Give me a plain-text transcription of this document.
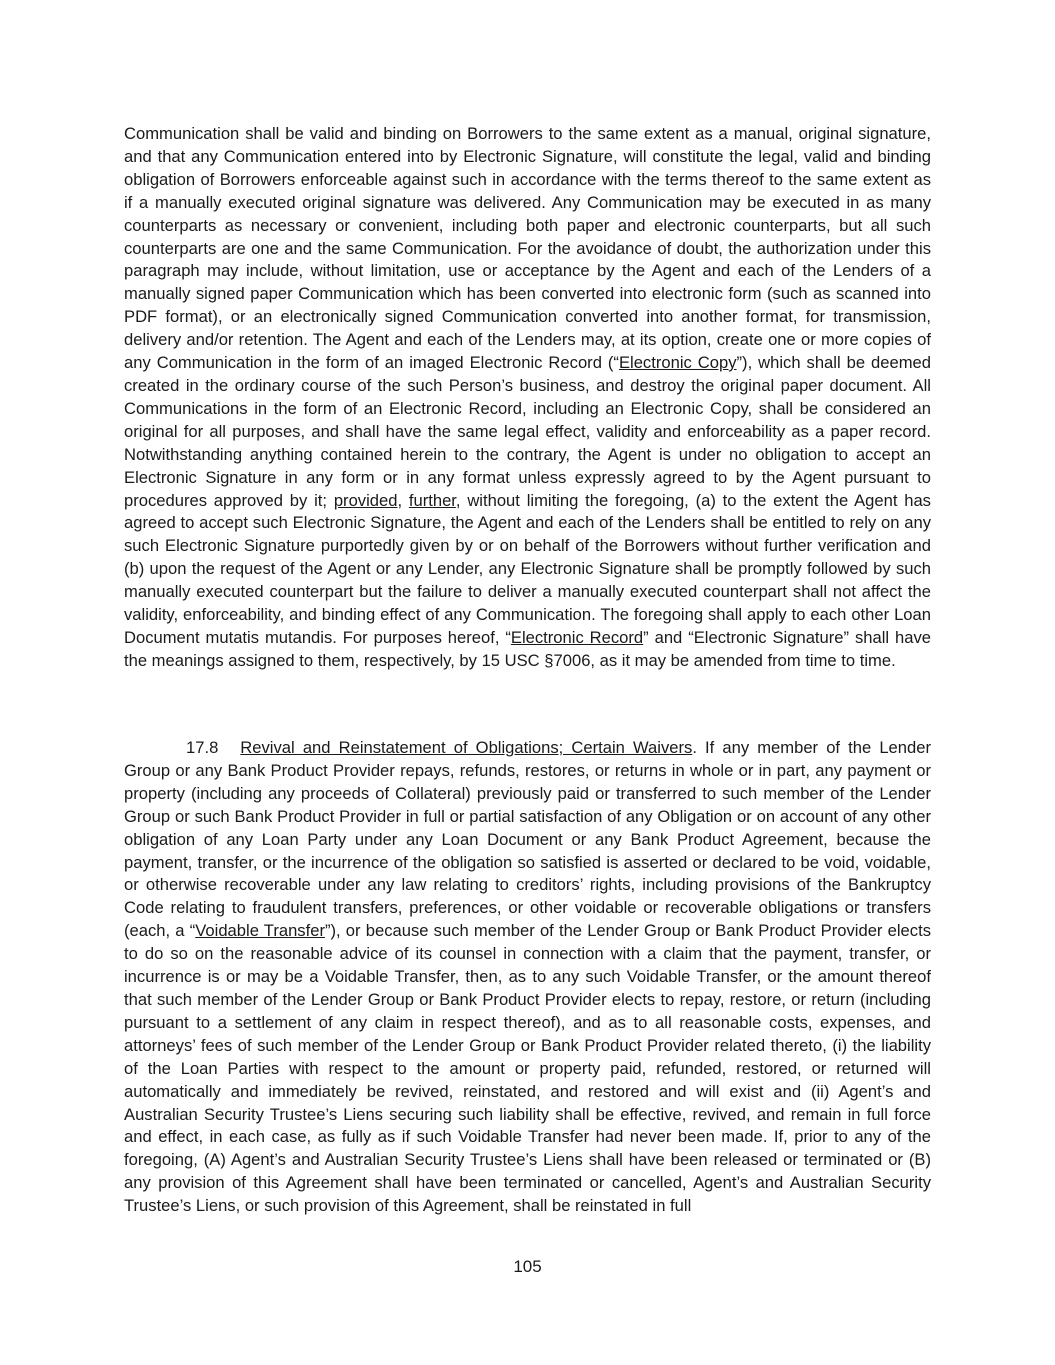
Communication shall be valid and binding on Borrowers to the same extent as a manual, original signature, and that any Communication entered into by Electronic Signature, will constitute the legal, valid and binding obligation of Borrowers enforceable against such in accordance with the terms thereof to the same extent as if a manually executed original signature was delivered. Any Communication may be executed in as many counterparts as necessary or convenient, including both paper and electronic counterparts, but all such counterparts are one and the same Communication. For the avoidance of doubt, the authorization under this paragraph may include, without limitation, use or acceptance by the Agent and each of the Lenders of a manually signed paper Communication which has been converted into electronic form (such as scanned into PDF format), or an electronically signed Communication converted into another format, for transmission, delivery and/or retention. The Agent and each of the Lenders may, at its option, create one or more copies of any Communication in the form of an imaged Electronic Record (“Electronic Copy”), which shall be deemed created in the ordinary course of the such Person’s business, and destroy the original paper document. All Communications in the form of an Electronic Record, including an Electronic Copy, shall be considered an original for all purposes, and shall have the same legal effect, validity and enforceability as a paper record. Notwithstanding anything contained herein to the contrary, the Agent is under no obligation to accept an Electronic Signature in any form or in any format unless expressly agreed to by the Agent pursuant to procedures approved by it; provided, further, without limiting the foregoing, (a) to the extent the Agent has agreed to accept such Electronic Signature, the Agent and each of the Lenders shall be entitled to rely on any such Electronic Signature purportedly given by or on behalf of the Borrowers without further verification and (b) upon the request of the Agent or any Lender, any Electronic Signature shall be promptly followed by such manually executed counterpart but the failure to deliver a manually executed counterpart shall not affect the validity, enforceability, and binding effect of any Communication. The foregoing shall apply to each other Loan Document mutatis mutandis. For purposes hereof, “Electronic Record” and “Electronic Signature” shall have the meanings assigned to them, respectively, by 15 USC §7006, as it may be amended from time to time.

17.8 Revival and Reinstatement of Obligations; Certain Waivers. If any member of the Lender Group or any Bank Product Provider repays, refunds, restores, or returns in whole or in part, any payment or property (including any proceeds of Collateral) previously paid or transferred to such member of the Lender Group or such Bank Product Provider in full or partial satisfaction of any Obligation or on account of any other obligation of any Loan Party under any Loan Document or any Bank Product Agreement, because the payment, transfer, or the incurrence of the obligation so satisfied is asserted or declared to be void, voidable, or otherwise recoverable under any law relating to creditors’ rights, including provisions of the Bankruptcy Code relating to fraudulent transfers, preferences, or other voidable or recoverable obligations or transfers (each, a “Voidable Transfer”), or because such member of the Lender Group or Bank Product Provider elects to do so on the reasonable advice of its counsel in connection with a claim that the payment, transfer, or incurrence is or may be a Voidable Transfer, then, as to any such Voidable Transfer, or the amount thereof that such member of the Lender Group or Bank Product Provider elects to repay, restore, or return (including pursuant to a settlement of any claim in respect thereof), and as to all reasonable costs, expenses, and attorneys’ fees of such member of the Lender Group or Bank Product Provider related thereto, (i) the liability of the Loan Parties with respect to the amount or property paid, refunded, restored, or returned will automatically and immediately be revived, reinstated, and restored and will exist and (ii) Agent’s and Australian Security Trustee’s Liens securing such liability shall be effective, revived, and remain in full force and effect, in each case, as fully as if such Voidable Transfer had never been made. If, prior to any of the foregoing, (A) Agent’s and Australian Security Trustee’s Liens shall have been released or terminated or (B) any provision of this Agreement shall have been terminated or cancelled, Agent’s and Australian Security Trustee’s Liens, or such provision of this Agreement, shall be reinstated in full

105
